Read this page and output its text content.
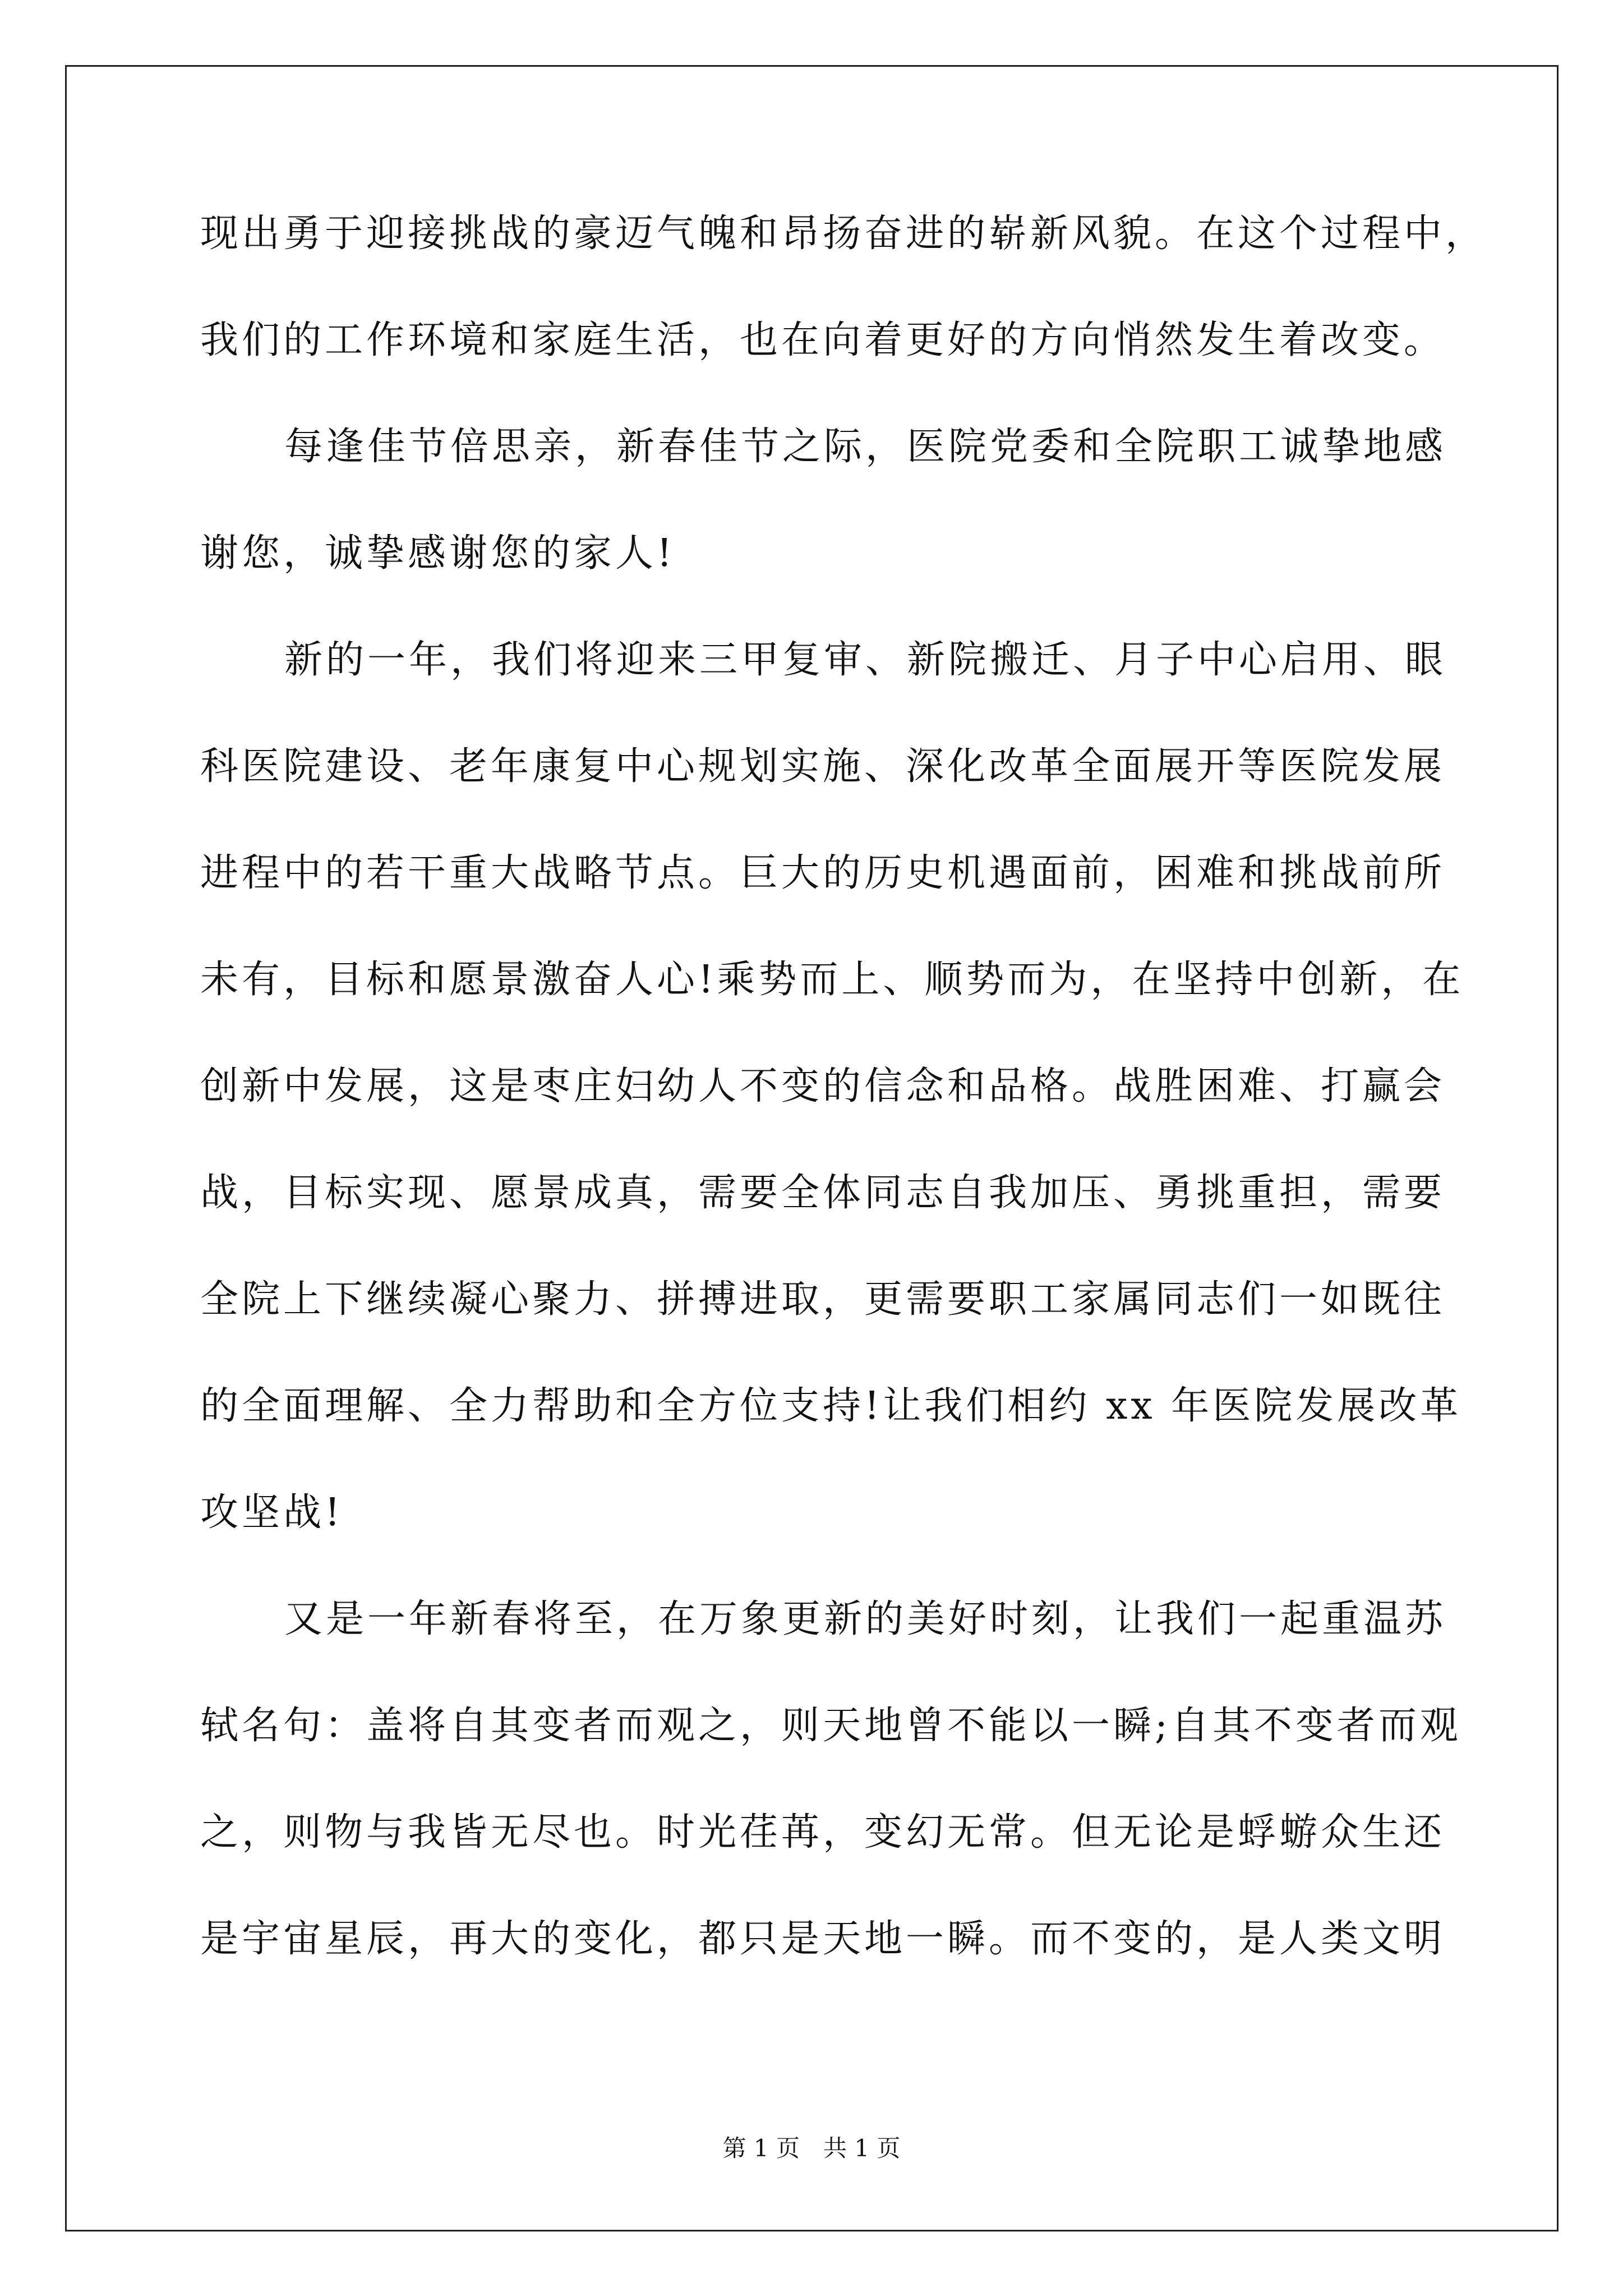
现出勇于迎接挑战的豪迈气魄和昂扬奋进的崭新风貌。在这个过程中，
我们的工作环境和家庭生活，也在向着更好的方向悄然发生着改变。
每逢佳节倍思亲，新春佳节之际，医院党委和全院职工诚挚地感
谢您，诚挚感谢您的家人!
新的一年，我们将迎来三甲复审、新院搬迁、月子中心启用、眼
科医院建设、老年康复中心规划实施、深化改革全面展开等医院发展
进程中的若干重大战略节点。巨大的历史机遇面前，困难和挑战前所
未有，目标和愿景激奋人心!乘势而上、顺势而为，在坚持中创新，在
创新中发展，这是枣庄妇幼人不变的信念和品格。战胜困难、打赢会
战，目标实现、愿景成真，需要全体同志自我加压、勇挑重担，需要
全院上下继续凝心聚力、拼搏进取，更需要职工家属同志们一如既往
的全面理解、全力帮助和全方位支持!让我们相约 xx 年医院发展改革
攻坚战!
又是一年新春将至，在万象更新的美好时刻，让我们一起重温苏
轼名句：盖将自其变者而观之，则天地曾不能以一瞬;自其不变者而观
之，则物与我皆无尽也。时光荏苒，变幻无常。但无论是蜉蝣众生还
是宇宙星辰，再大的变化，都只是天地一瞬。而不变的，是人类文明
第 1 页　共 1 页
